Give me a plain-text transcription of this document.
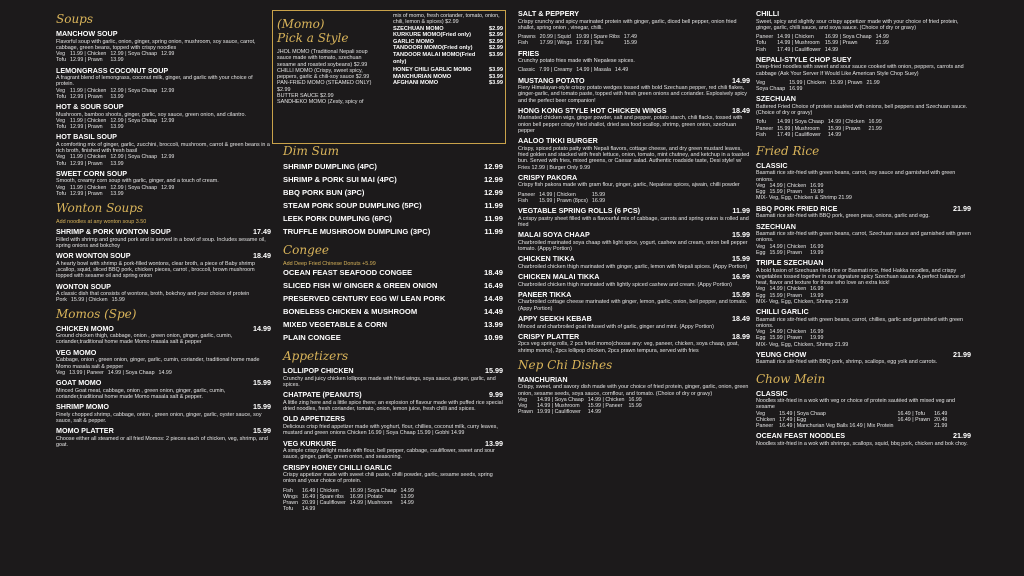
Soups
MANCHOW SOUP
Flavorful soup with garlic, onion, ginger, spring onion, mushroom, soy sauce, carrot, cabbage, green beans, topped with crispy noodles
Veg 11.99 | Chicken 12.99 | Soya Chaap 12.99
Tofu 12.99 | Prawn	13.99
LEMONGRASS COCONUT SOUP
A fragrant blend of lemongrass, coconut milk, ginger, and garlic with your choice of protein.
Veg 11.99 | Chicken 12.99 | Soya Chaap 12.99
Tofu 12.99 | Prawn	13.99
HOT & SOUR SOUP
Mushroom, bamboo shoots, ginger, garlic, soy sauce, green onion, and cilantro.
Veg 11.99 | Chicken 12.99 | Soya Chaap 12.99
Tofu 12.99 | Prawn	13.99
HOT BASIL SOUP
A comforting mix of ginger, garlic, zucchini, broccoli, mushroom, carrot & green beans in a rich broth, finished with fresh basil
Veg 11.99 | Chicken 12.99 | Soya Chaap 12.99
Tofu 12.99 | Prawn	13.99
SWEET CORN SOUP
Smooth, creamy corn soup with garlic, ginger, and a touch of cream.
Veg 11.99 | Chicken 12.99 | Soya Chaap 12.99
Tofu 12.99 | Prawn	13.99
Wonton Soups
Add noodles at any wonton soup 3.50
SHRIMP & PORK WONTON SOUP	17.49
Filled with shrimp and ground pork and is served in a bowl of soup. Includes sesame oil, spring onions and bokchoy
WOR WONTON SOUP	18.49
A hearty bowl with shrimp & pork-filled wontons, clear broth, a piece of Baby shrimp ,scallop, squid, sliced BBQ pork, chicken pieces, carrot , broccoli, brown mushroom topped with sesame oil and spring onion
WONTON SOUP
A classic dish that consists of wontons, broth, bokchoy and your choice of protein
Pork 15.99 | Chicken 15.99
Momos (Spe)
CHICKEN MOMO	14.99
Ground chicken thigh, cabbage, onion , green onion, ginger, garlic, cumin, coriander,traditional home made Momo masala salt & pepper
VEG MOMO
Cabbage, onion , green onion, ginger, garlic, cumin, coriander, traditional home made Momo masala salt & pepper
Veg 13.99 | Paneer 14.99 | Soya Chaap 14.99
GOAT MOMO	15.99
Minced Goat meat, cabbage, onion , green onion, ginger, garlic, cumin, coriander,traditional home made Momo masala salt & pepper.
SHRIMP MOMO	15.99
Finely chopped shrimp, cabbage, onion , green onion, ginger, garlic, oyster sauce, soy sauce, salt & pepper.
MOMO PLATTER	15.99
Choose either all steamed or all fried Momos: 2 pieces each of chicken, veg, shrimp, and goat.
(Momo)
Pick a Style
JHOL MOMO (Traditional Nepali soup sauce made with tomato, szechuan sesame and roasted soybeans) $2.99
CHILLI MOMO (Crispy, sweet spicy, peppers, garlic & chili-soy sauce $2.99
PAN-FRIED MOMO (STEAMED ONLY) $2.99
BUTTER SAUCE $2.99
SANDHEKO MOMO (Zesty, spicy of
mix of momo, fresh coriander, tomato, onion, chili, lemon & spices) $2.99
SZECHUAN MOMO	$2.99
KURKURE MOMO(Fried only)	$2.99
GARLIC MOMO	$2.99
TANDOORI MOMO(Fried only)	$2.99
TANDOOR MALAI MOMO(Fried only)
$3.99
HONEY CHILI GARLIC MOMO	$3.99
MANCHURIAN MOMO	$3.99
AFGHANI MOMO	$3.99
Dim Sum
SHRIMP DUMPLING (4PC)	12.99
SHRIMP & PORK SUI MAI (4PC)	12.99
BBQ PORK BUN (3PC)	12.99
STEAM PORK SOUP DUMPLING (5PC)	11.99
LEEK PORK DUMPLING (6PC)	11.99
TRUFFLE MUSHROOM DUMPLING (3PC)	11.99
Congee
Add Deep Fried Chinese Donuts +5.99
OCEAN FEAST SEAFOOD CONGEE	18.49
SLICED FISH W/ GINGER & GREEN ONION	16.49
PRESERVED CENTURY EGG W/ LEAN PORK	14.49
BONELESS CHICKEN & MUSHROOM	14.49
MIXED VEGETABLE & CORN	13.99
PLAIN CONGEE	10.99
Appetizers
LOLLIPOP CHICKEN	15.99
Crunchy and juicy chicken lollipops made with fried wings, soya sauce, ginger, garlic, and spices.
CHATPATE (PEANUTS)	9.99
A little zing here and a little spice there; an explosion of flavour made with puffed rice special dried noodles, fresh coriander, tomato, onion, lemon juice, fresh chilli and spices.
OLD APPETIZERS
Delicious crisp fried appetizer made with yoghurt, flour, chillies, coconut milk, curry leaves, mustard and green onions Chicken 16.99 | Soya Chaap 15.99 | Gobhi 14.99
VEG KURKURE	13.99
A simple crispy delight made with flour, bell pepper, cabbage, cauliflower, sweet and sour sauce, ginger, garlic, green onion, and seasoning.
CRISPY HONEY CHILLI GARLIC
Crispy appetizer made with sweet chili paste, chilli powder, garlic, sesame seeds, spring onion and your choice of protein.
Fish	16.49 | Chicken	16.99 | Soya Chaap 14.99
Wings 16.49 | Spare ribs	16.99 | Potato	13.99
Prawn 20.99 | Cauliflower 14.99 | Mushroom	14.99
Tofu	14.99
SALT & PEPPERY
Crispy crunchy and spicy marinated protein with ginger, garlic, diced bell pepper, onion fried shallot, spring onion , vinegar, chilli.
Prawns 20.99 | Squid 19.99 | Spare Ribs 17.49
Fish	17.99 | Wings 17.99 | Tofu	15.99
FRIES
Crunchy potato fries made with Nepalese spices.
Classic 7.99 | Creamy 14.99 | Masala 14.49
MUSTANG POTATO	14.99
Fiery Himalayan-style crispy potato wedges tossed with bold Szechuan pepper, red chili flakes, ginger-garlic, and tomato paste, topped with fresh green onions and coriander. Explosively spicy and the perfect beer companion!
HONG KONG STYLE HOT CHICKEN WINGS	18.49
Marinated chicken wigs, ginger powder, salt and pepper, potato starch, chili flacks, tossed with onion bell pepper crispy fried shallot, dried sea food scallop, shrimp, green onion, szechuan pepper
AALOO TIKKI BURGER
Crispy, spiced potato patty with Nepali flavors, cottage cheese, and dry green mustard leaves, fried golden and stacked with fresh lettuce, onion, tomato, mint chutney, and ketchup in a toasted bun. Served with fries, mixed greens, or Caesar salad. Authentic roadside taste, Desi style! w/ Fries 12.99 | Burger Only 9.99
CRISPY PAKORA
Crispy fish pakora made with gram flour, ginger, garlic, Nepalese spices, ajwain, chilli powder
Paneer 14.99 | Chicken	15.99
Fish	15.99 | Prawn (8pcs) 16.99
VEGTABLE SPRING ROLLS (6 PCS)	11.99
A crispy pastry sheet filled with a flavourful mix of cabbage, carrots and spring onion is rolled and fried
MALAI SOYA CHAAP	15.99
Charbroiled marinated soya chaap with light spice, yogurt, cashew and cream, onion bell pepper tomato. (Appy Portion)
CHICKEN TIKKA	15.99
Charbroiled chicken thigh marinated with ginger, garlic, lemon with Nepali spices. (Appy Portion)
CHICKEN MALAI TIKKA	16.99
Charbroiled chicken thigh marinated with lightly spiced cashew and cream. (Appy Portion)
PANEER TIKKA	15.99
Charbroiled cottage cheese marinated with ginger, lemon, garlic, onion, bell pepper, and tomato. (Appy Portion)
APPY SEEKH KEBAB	18.49
Minced and charbroiled goat infused with of garlic, ginger and mint. (Appy Portion)
CRISPY PLATTER	18.99
2pcs veg spring rolls, 2 pcs fried momo(choose any: veg, paneer, chicken, soya chaap, goat, shrimp momo), 2pcs lollipop chicken, 2pcs prawn tempura, served with fries
Nep Chi Dishes
MANCHURIAN
Crispy, sweet, and savory dish made with your choice of fried protein, ginger, garlic, onion, green onion, sesame seeds, soya sauce, cornflour, and tomato. (Choice of dry or gravy)
Veg	14.99 | Soya Chaap 14.99 | Chicken 16.99
Veg	14.99 | Mushroom	15.99 | Paneer	15.99
Prawn 19.99 | Cauliflower	14.99
CHILLI
Sweet, spicy and slightly sour crispy appetizer made with your choice of fried protein, ginger, garlic, chilli sauce, and soya sauce. (Choice of dry or gravy)
Paneer 14.99 | Chicken	16.99 | Soya Chaap 14.99
Tofu	14.99 | Mushroom 15.99 | Prawn	21.99
Fish	17.49 | Cauliflower 14.99
NEPALI-STYLE CHOP SUEY
Deep-fried noodles with sweet and sour sauce cooked with onion, peppers, carrots and cabbage (Ask Your Server If Would Like American Style Chop Suey)
Veg	15.99 | Chicken 15.99 | Prawn 21.99
Soya Chaap 16.99
SZECHUAN
Battered Fried Choice of protein sautéed with onions, bell peppers and Szechuan sauce. (Choice of dry or gravy)
Tofu	14.99 | Soya Chaap 14.99 | Chicken 16.99
Paneer 15.99 | Mushroom	15.99 | Prawn	21.99
Fish	17.49 | Cauliflower	14.99
Fried Rice
CLASSIC
Basmati rice stir-fried with green beans, carrot, soy sauce and garnished with green onions.
Veg 14.99 | Chicken 16.99
Egg 15.99 | Prawn	19.99
MIX- Veg, Egg, Chicken & Shrimp 21.99
BBQ PORK FRIED RICE	21.99
Basmati rice stir-fried with BBQ pork, green peas, onions, garlic and egg.
SZECHUAN
Basmati rice stir-fried with green beans, carrot, Szechuan sauce and garnished with green onions.
Veg 14.99 | Chicken 16.99
Egg 15.99 | Prawn	19.99
TRIPLE SZECHUAN
A bold fusion of Szechuan fried rice or Basmati rice, fried Hakka noodles, and crispy vegetables tossed together in our signature spicy Szechuan sauce. A perfect balance of heat, flavor and texture for those who love an extra kick!
Veg 14.99 | Chicken 16.99
Egg 15.99 | Prawn	19.99
MIX- Veg, Egg, Chicken, Shrimp 21.99
CHILLI GARLIC
Basmati rice stir-fried with green beans, carrot, chillies, garlic and garnished with green onions.
Veg 14.99 | Chicken 16.99
Egg 15.99 | Prawn	19.99
MIX- Veg, Egg, Chicken, Shrimp 21.99
YEUNG CHOW	21.99
Basmati rice stir-fried with BBQ pork, shrimp, scallops, egg yolk and carrots.
Chow Mein
CLASSIC
Noodles stir-fried in a wok with veg or choice of protein sautéed with mixed veg and sesame
Veg	15.49 | Soya Chaap	16.49 | Tofu	16.49
Chicken 17.49 | Egg	16.49 | Prawn 20.49
Paneer	16.49 | Manchurian Veg Balls 16.49 | Mix Protein	21.99
OCEAN FEAST NOODLES	21.99
Noodles stir-fried in a wok with shrimps, scallops, squid, bbq pork, chicken and bok choy.
